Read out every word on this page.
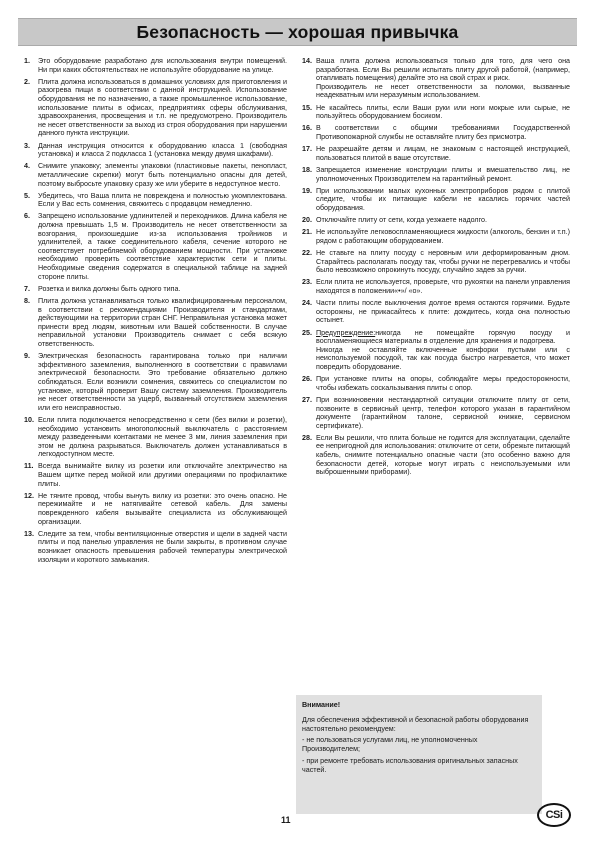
Безопасность — хорошая привычка
1.	Это оборудование разработано для использования внутри помещений. Ни при каких обстоятельствах не используйте оборудование на улице.
2.	Плита должна использоваться в домашних условиях для приготовления и разогрева пищи в соответствии с данной инструкцией. Использование оборудования не по назначению, а также промышленное использование, использование плиты в офисах, предприятиях сферы обслуживания, здравоохранения, просвещения и т.п. не предусмотрено. Производитель не несет ответственности за выход из строя оборудования при нарушении данного пункта инструкции.
3.	Данная инструкция относится к оборудованию класса 1 (свободная установка) и класса 2 подкласса 1 (установка между двумя шкафами).
4.	Снимите упаковку; элементы упаковки (пластиковые пакеты, пенопласт, металлические скрепки) могут быть потенциально опасны для детей, поэтому выбросьте упаковку сразу же или уберите в недоступное место.
5.	Убедитесь, что Ваша плита не повреждена и полностью укомплектована. Если у Вас есть сомнения, свяжитесь с продавцом немедленно.
6.	Запрещено использование удлинителей и переходников. Длина кабеля не должна превышать 1,5 м. Производитель не несет ответственности за возгорания, произошедшие из-за использования тройников и удлинителей, а также соединительного кабеля, сечение которого не соответствует потребляемой оборудованием мощности. При установке необходимо проверить соответствие характеристик сети и плиты. Необходимые сведения содержатся в специальной таблице на задней стороне плиты.
7.	Розетка и вилка должны быть одного типа.
8.	Плита должна устанавливаться только квалифицированным персоналом, в соответствии с рекомендациями Производителя и стандартами, действующими на территории стран СНГ. Неправильная установка может принести вред людям, животным или Вашей собственности. В случае неправильной установки Производитель снимает с себя всякую ответственность.
9.	Электрическая безопасность гарантирована только при наличии эффективного заземления, выполненного в соответствии с правилами электрической безопасности. Это требование обязательно должно соблюдаться. Если возникли сомнения, свяжитесь со специалистом по установке, который проверит Вашу систему заземления. Производитель не несет ответственности за ущерб, вызванный отсутствием заземления или его неисправностью.
10. Если плита подключается непосредственно к сети (без вилки и розетки), необходимо установить многополюсный выключатель с расстоянием между разведенными контактами не менее 3 мм, линия заземления при этом не должна разрываться. Выключатель должен устанавливаться в легкодоступном месте.
11. Всегда вынимайте вилку из розетки или отключайте электричество на Вашем щитке перед мойкой или другими операциями по профилактике плиты.
12. Не тяните провод, чтобы вынуть вилку из розетки: это очень опасно. Не пережимайте и не натягивайте сетевой кабель. Для замены поврежденного кабеля вызывайте специалиста из обслуживающей организации.
13. Следите за тем, чтобы вентиляционные отверстия и щели в задней части плиты и под панелью управления не были закрыты, в противном случае возникает опасность превышения рабочей температуры электрической изоляции и короткого замыкания.
14. Ваша плита должна использоваться только для того, для чего она разработана. Если Вы решили испытать плиту другой работой, (например, отапливать помещения) делайте это на свой страх и риск.

Производитель не несет ответственности за поломки, вызванные неадекватным или неразумным использованием.

15. Не касайтесь плиты, если Ваши руки или ноги мокрые или сырые, не пользуйтесь оборудованием босиком.
16. В соответствии с общими требованиями Государственной Противопожарной службы не оставляйте плиту без присмотра.
17. Не разрешайте детям и лицам, не знакомым с настоящей инструкцией, пользоваться плитой в ваше отсутствие.
18. Запрещается изменение конструкции плиты и вмешательство лиц, не уполномоченных Производителем на гарантийный ремонт.
19. При использовании малых кухонных электроприборов рядом с плитой следите, чтобы их питающие кабели не касались горячих частей оборудования.
20. Отключайте плиту от сети, когда уезжаете надолго.
21. Не используйте легковоспламеняющиеся жидкости (алкоголь, бензин и т.п.) рядом с работающим оборудованием.
22. Не ставьте на плиту посуду с неровным или деформированным дном. Старайтесь располагать посуду так, чтобы ручки не перегревались и чтобы было невозможно опрокинуть посуду, случайно задев за ручки.
23. Если плита не используется, проверьте, что рукоятки на панели управления находятся в положении«•»/ «o».
24. Части плиты после выключения долгое время остаются горячими. Будьте осторожны, не прикасайтесь к плите: дождитесь, когда она полностью остынет.
25. Предупреждение:никогда не помещайте горячую посуду и воспламеняющиеся материалы в отделение для хранения и подогрева.

Никогда не оставляйте включенные конфорки пустыми или с неиспользуемой посудой, так как посуда быстро нагревается, что может повредить оборудование.

26. При установке плиты на опоры, соблюдайте меры предосторожности, чтобы избежать соскальзывания плиты с опор.
27. При возникновении нестандартной ситуации отключите плиту от сети, позвоните в сервисный центр, телефон которого указан в гарантийном документе (гарантийном талоне, сервисной книжке, сервисном сертификате).
28. Если Вы решили, что плита больше не годится для эксплуатации, сделайте ее непригодной для использования: отключите от сети, обрежьте питающий кабель, снимите потенциально опасные части (это особенно важно для безопасности детей, которые могут играть с неиспользуемыми или выброшенными приборами).
Внимание!
Для обеспечения эффективной и безопасной работы оборудования настоятельно рекомендуем:
- не пользоваться услугами лиц, не уполномоченных Производителем;
- при ремонте требовать использования оригинальных запасных частей.
11	CSi
